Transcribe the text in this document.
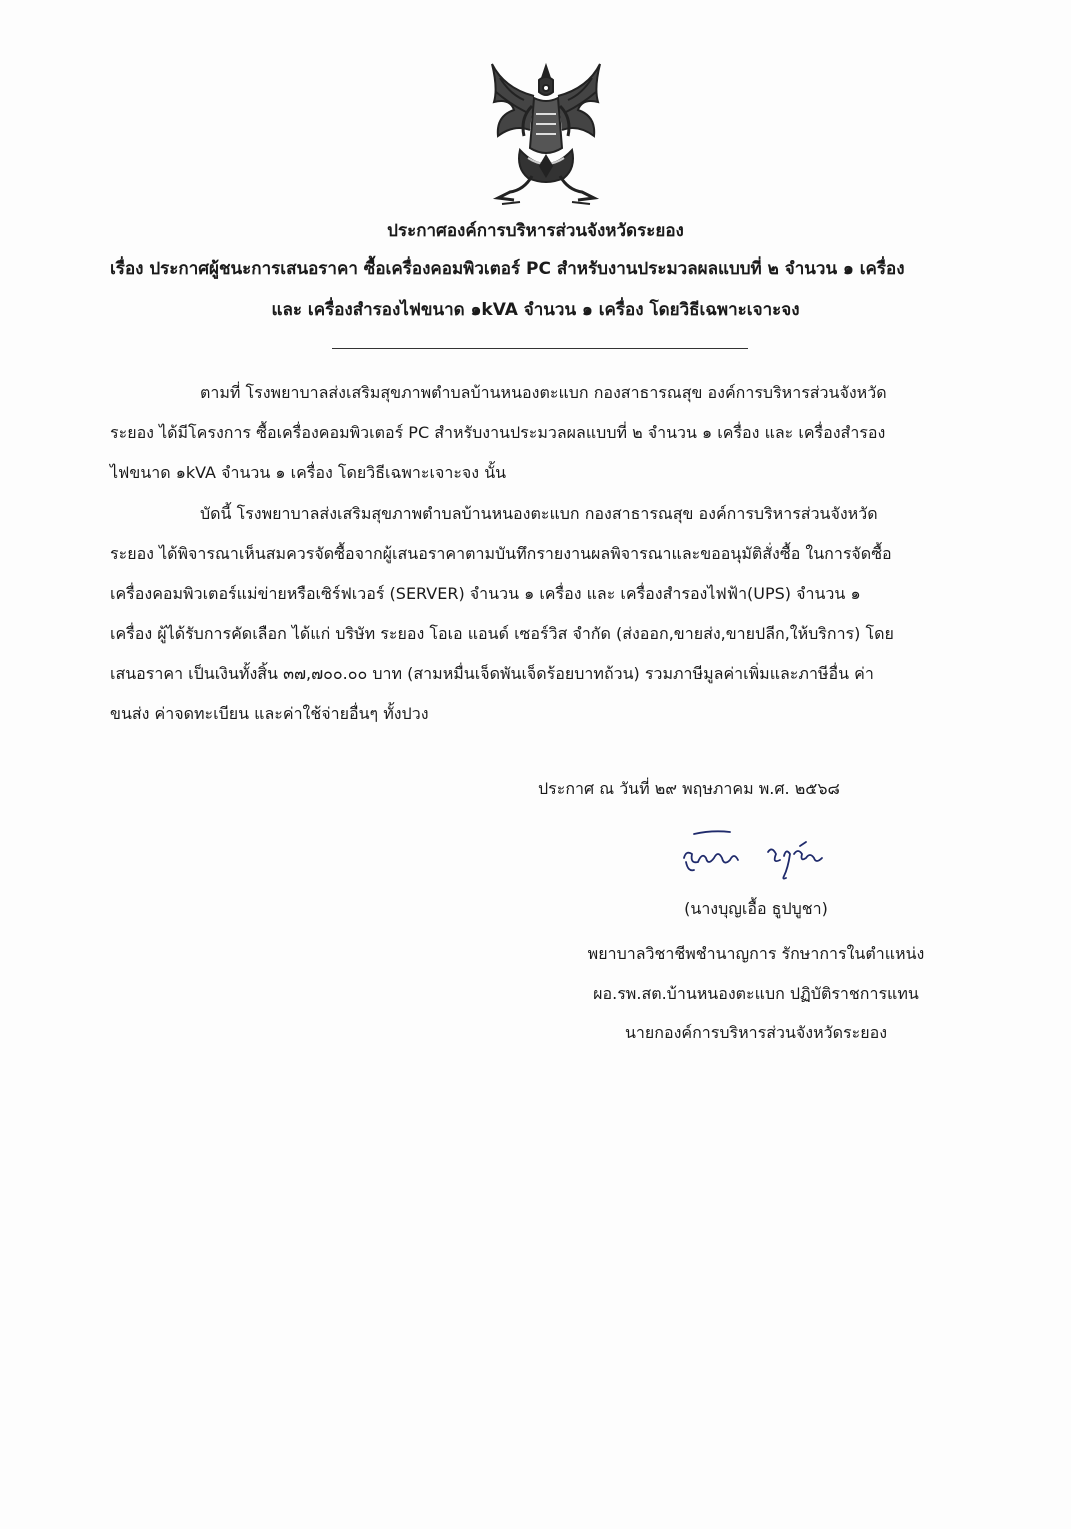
ประกาศองค์การบริหารส่วนจังหวัดระยอง
เรื่อง ประกาศผู้ชนะการเสนอราคา ซื้อเครื่องคอมพิวเตอร์ PC สำหรับงานประมวลผลแบบที่ ๒ จำนวน ๑ เครื่อง
และ เครื่องสำรองไฟขนาด ๑kVA จำนวน ๑ เครื่อง โดยวิธีเฉพาะเจาะจง
ตามที่ โรงพยาบาลส่งเสริมสุขภาพตำบลบ้านหนองตะแบก กองสาธารณสุข องค์การบริหารส่วนจังหวัด
ระยอง ได้มีโครงการ ซื้อเครื่องคอมพิวเตอร์ PC สำหรับงานประมวลผลแบบที่ ๒ จำนวน ๑ เครื่อง และ เครื่องสำรอง
ไฟขนาด ๑kVA จำนวน ๑ เครื่อง โดยวิธีเฉพาะเจาะจง นั้น
บัดนี้ โรงพยาบาลส่งเสริมสุขภาพตำบลบ้านหนองตะแบก กองสาธารณสุข องค์การบริหารส่วนจังหวัด
ระยอง ได้พิจารณาเห็นสมควรจัดซื้อจากผู้เสนอราคาตามบันทึกรายงานผลพิจารณาและขออนุมัติสั่งซื้อ ในการจัดซื้อ
เครื่องคอมพิวเตอร์แม่ข่ายหรือเซิร์ฟเวอร์ (SERVER) จำนวน ๑ เครื่อง และ เครื่องสำรองไฟฟ้า(UPS) จำนวน ๑
เครื่อง ผู้ได้รับการคัดเลือก ได้แก่ บริษัท ระยอง โอเอ แอนด์ เซอร์วิส จำกัด (ส่งออก,ขายส่ง,ขายปลีก,ให้บริการ) โดย
เสนอราคา เป็นเงินทั้งสิ้น ๓๗,๗๐๐.๐๐ บาท (สามหมื่นเจ็ดพันเจ็ดร้อยบาทถ้วน) รวมภาษีมูลค่าเพิ่มและภาษีอื่น ค่า
ขนส่ง ค่าจดทะเบียน และค่าใช้จ่ายอื่นๆ ทั้งปวง
ประกาศ ณ วันที่ ๒๙ พฤษภาคม พ.ศ. ๒๕๖๘
(นางบุญเอื้อ ธูปบูชา)
พยาบาลวิชาชีพชำนาญการ รักษาการในตำแหน่ง
ผอ.รพ.สต.บ้านหนองตะแบก ปฏิบัติราชการแทน
นายกองค์การบริหารส่วนจังหวัดระยอง
